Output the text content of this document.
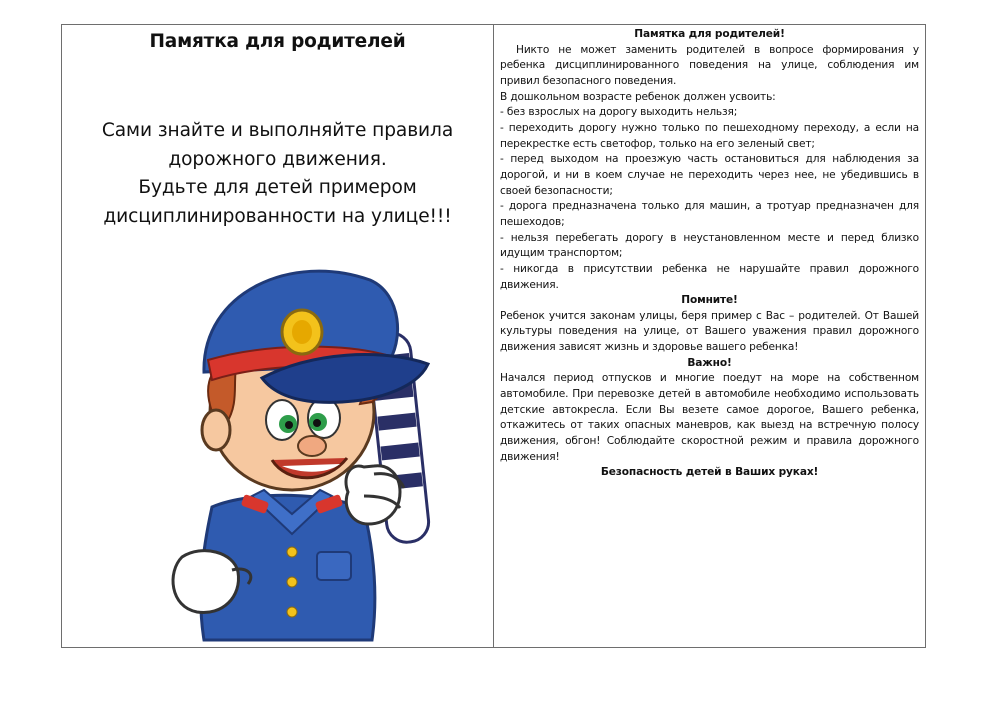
Памятка для родителей
Сами знайте и выполняйте правила
дорожного движения.
Будьте для детей примером
дисциплинированности на улице!!!
Памятка для родителей!
Никто не может заменить родителей в вопросе формирования у ребенка дисциплинированного поведения на улице, соблюдения им привил безопасного поведения.
В дошкольном возрасте ребенок должен усвоить:
- без взрослых на дорогу выходить нельзя;
- переходить дорогу нужно только по пешеходному переходу, а если на перекрестке есть светофор, только на его зеленый свет;
- перед выходом на проезжую часть остановиться для наблюдения за дорогой, и ни в коем случае не переходить через нее, не убедившись в своей безопасности;
- дорога предназначена только для машин, а тротуар предназначен для пешеходов;
- нельзя перебегать дорогу в неустановленном месте и перед близко идущим транспортом;
- никогда в присутствии ребенка не нарушайте правил дорожного движения.
Помните!
Ребенок учится законам улицы, беря пример с Вас – родителей. От Вашей культуры поведения на улице, от Вашего уважения правил дорожного движения зависят жизнь и здоровье вашего ребенка!
Важно!
Начался период отпусков и многие поедут на море на собственном автомобиле. При перевозке детей в автомобиле необходимо использовать детские автокресла. Если Вы везете самое дорогое, Вашего ребенка, откажитесь от таких опасных маневров, как выезд на встречную полосу движения, обгон! Соблюдайте скоростной режим и правила дорожного движения!
Безопасность детей в Ваших руках!
